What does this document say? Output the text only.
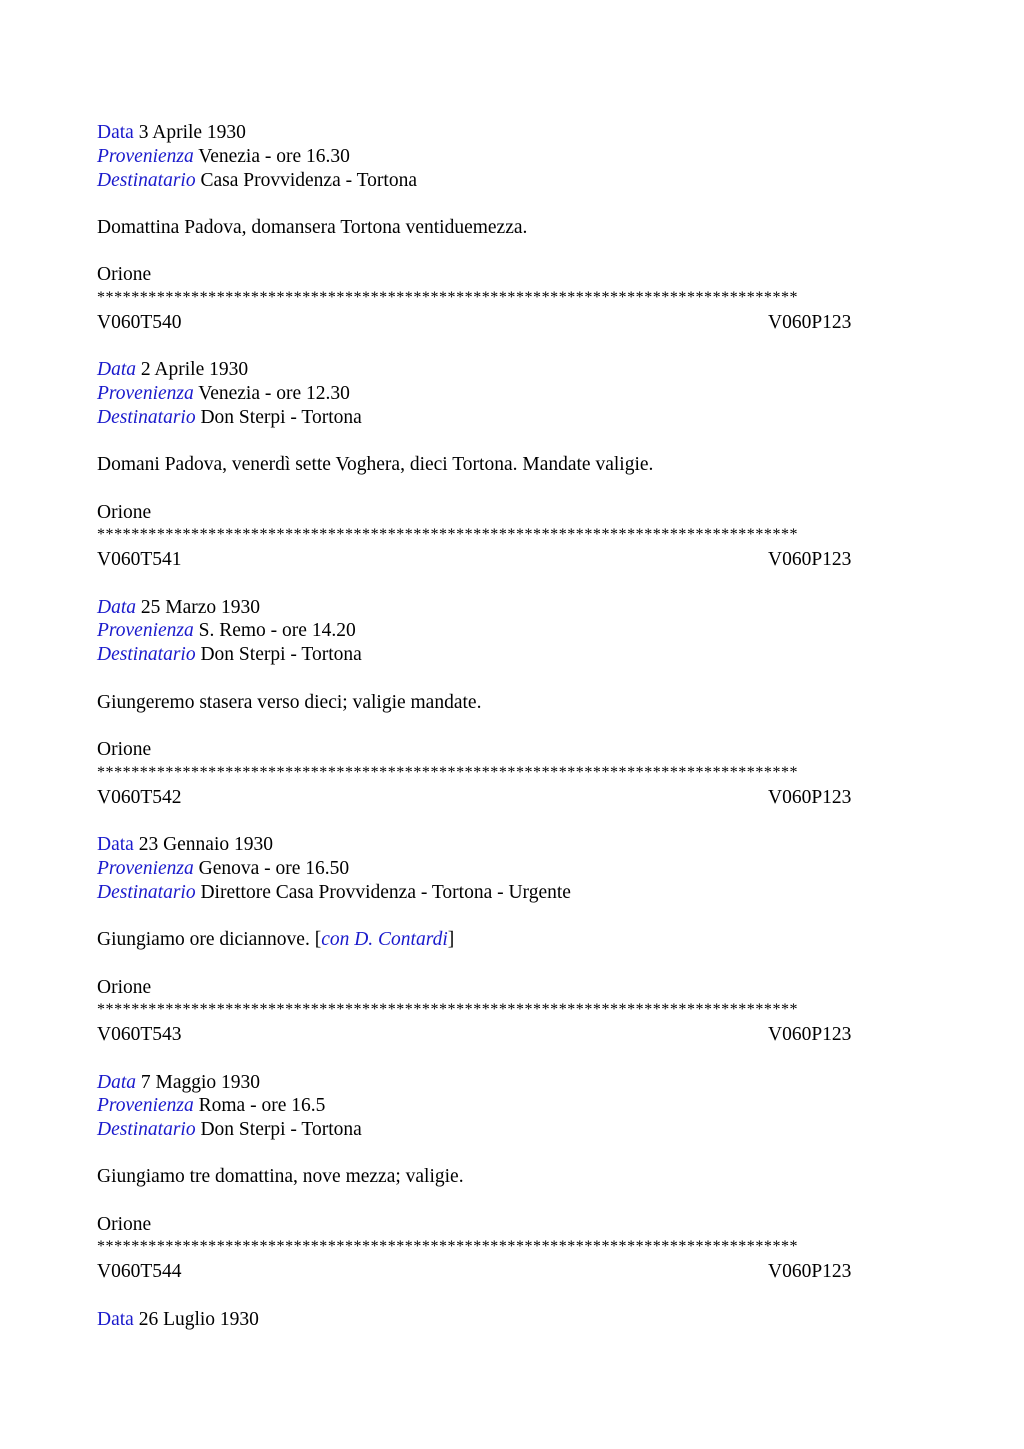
Data 3 Aprile 1930
Provenienza Venezia - ore 16.30
Destinatario Casa Provvidenza - Tortona
Domattina Padova, domansera Tortona ventiduemezza.
Orione
**********************************************************************************
V060T540	V060P123
Data 2 Aprile 1930
Provenienza Venezia - ore 12.30
Destinatario Don Sterpi - Tortona
Domani Padova, venerdì sette Voghera, dieci Tortona. Mandate valigie.
Orione
**********************************************************************************
V060T541	V060P123
Data 25 Marzo 1930
Provenienza S. Remo - ore 14.20
Destinatario Don Sterpi - Tortona
Giungeremo stasera verso dieci; valigie mandate.
Orione
**********************************************************************************
V060T542	V060P123
Data 23 Gennaio 1930
Provenienza Genova - ore 16.50
Destinatario Direttore Casa Provvidenza - Tortona - Urgente
Giungiamo ore diciannove. [con D. Contardi]
Orione
**********************************************************************************
V060T543	V060P123
Data 7 Maggio 1930
Provenienza Roma - ore 16.5
Destinatario Don Sterpi - Tortona
Giungiamo tre domattina, nove mezza; valigie.
Orione
**********************************************************************************
V060T544	V060P123
Data 26 Luglio 1930
